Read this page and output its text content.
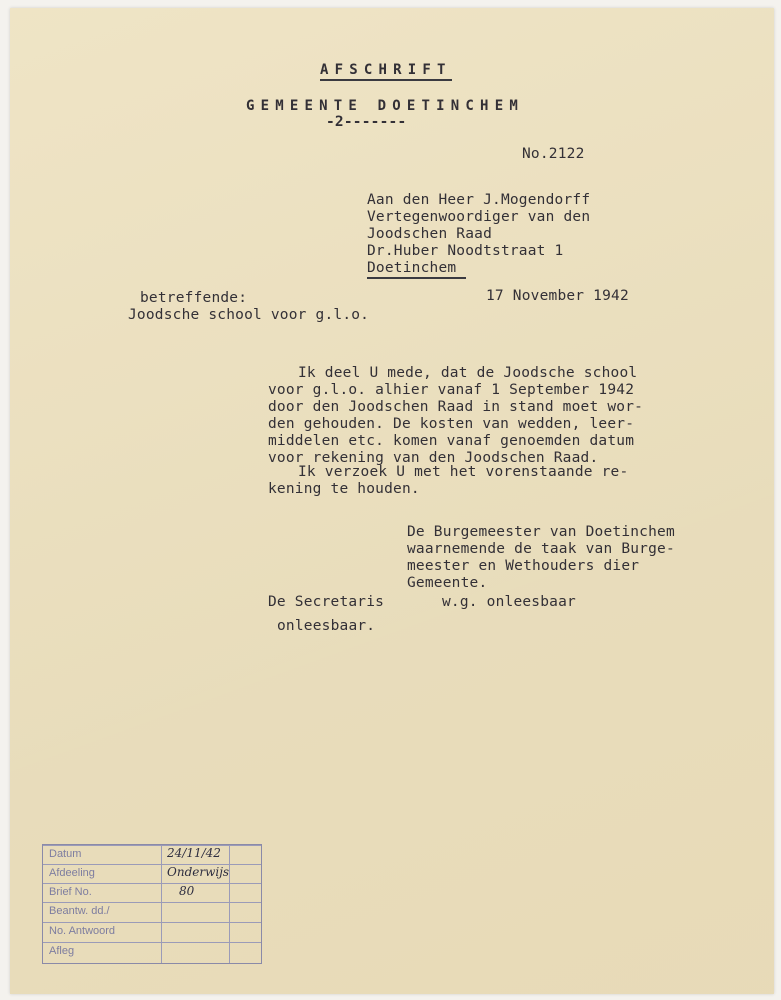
AFSCHRIFT
GEMEENTE DOETINCHEM
-2-------
No.2122
Aan den Heer J.Mogendorff
Vertegenwoordiger van den
Joodschen Raad
Dr.Huber Noodtstraat 1
Doetinchem
betreffende:	17 November 1942
Joodsche school voor g.l.o.
Ik deel U mede, dat de Joodsche school
voor g.l.o. alhier vanaf 1 September 1942
door den Joodschen Raad in stand moet wor-
den gehouden. De kosten van wedden, leer-
middelen etc. komen vanaf genoemden datum
voor rekening van den Joodschen Raad.
Ik verzoek U met het vorenstaande re-
kening te houden.
De Burgemeester van Doetinchem
waarnemende de taak van Burge-
meester en Wethouders dier
Gemeente.
De Secretaris	w.g. onleesbaar
onleesbaar.
Datum	24/11/42
Afdeeling	Onderwijs
Brief No.	80
Beantw. dd./
No. Antwoord
Afleg
